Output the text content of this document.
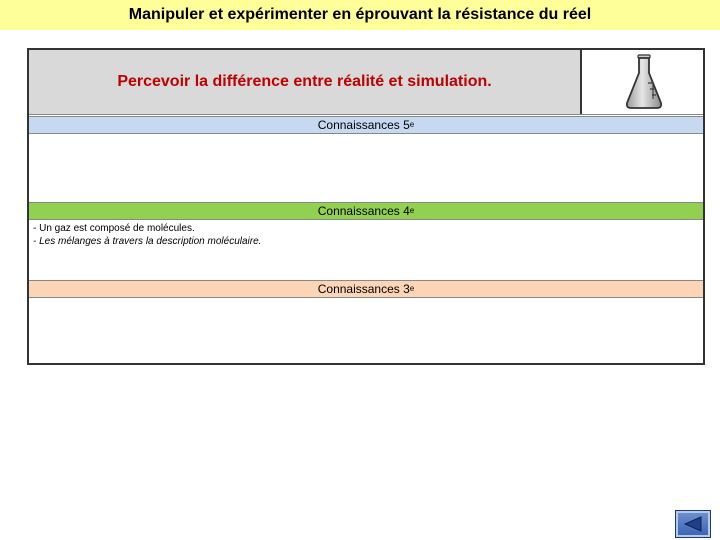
Manipuler et expérimenter en éprouvant la résistance du réel
Percevoir la différence entre réalité et simulation.
Connaissances 5e
Connaissances 4e
- Un gaz est composé de molécules.
- Les mélanges à travers la description moléculaire.
Connaissances 3e
